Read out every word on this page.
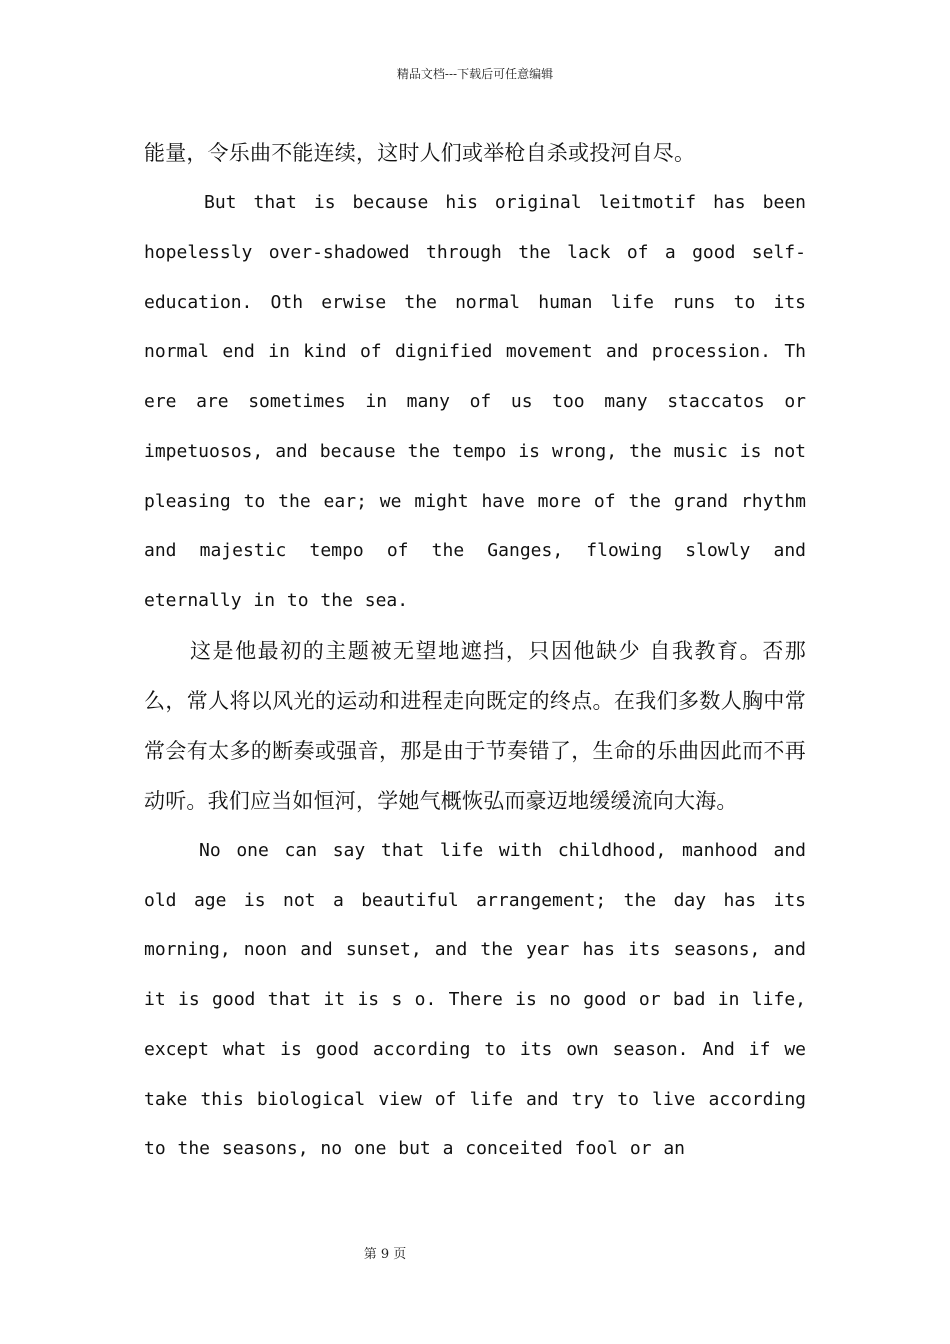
精品文档---下载后可任意编辑

能量，令乐曲不能连续，这时人们或举枪自杀或投河自尽。

But that is because his original leitmotif has been hopelessly over-shadowed through the lack of a good self-education. Oth erwise the normal human life runs to its normal end in kind of dignified movement and procession. Th ere are sometimes in many of us too many staccatos or impetuosos, and because the tempo is wrong, the music is not pleasing to the ear; we might have more of the grand rhythm and majestic tempo of the Ganges, flowing slowly and eternally in to the sea.

这是他最初的主题被无望地遮挡，只因他缺少 自我教育。否那么，常人将以风光的运动和进程走向既定的终点。在我们多数人胸中常常会有太多的断奏或强音，那是由于节奏错了，生命的乐曲因此而不再动听。我们应当如恒河，学她气概恢弘而豪迈地缓缓流向大海。

No one can say that life with childhood, manhood and old age is not a beautiful arrangement; the day has its morning, noon and sunset, and the year has its seasons, and it is good that it is s o. There is no good or bad in life, except what is good according to its own season. And if we take this biological view of life and try to live according to the seasons, no one but a conceited fool or an

第 9 页
